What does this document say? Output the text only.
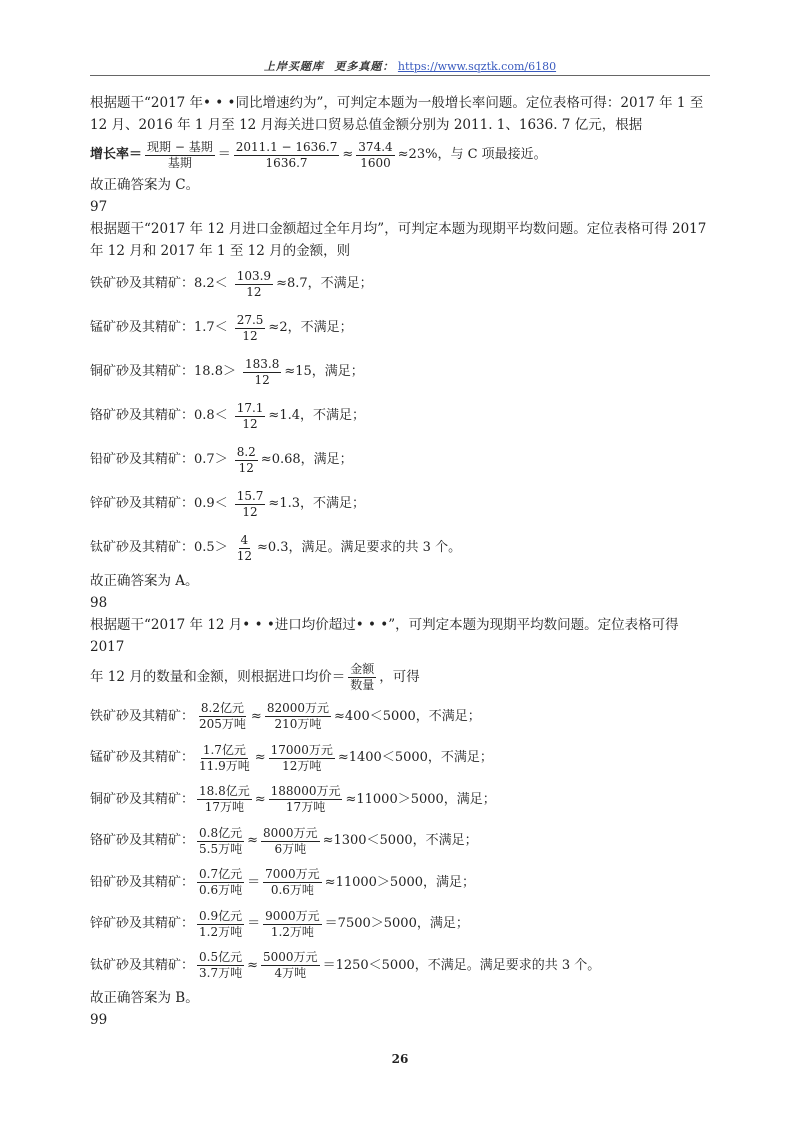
上岸买题库 更多真题： https://www.sqztk.com/6180

根据题干“2017 年• • •同比增速约为”，可判定本题为一般增长率问题。定位表格可得：2017 年 1 至

12 月、2016 年 1 月至 12 月海关进口贸易总值金额分别为 2011. 1、1636. 7 亿元，根据

增长率＝ $\frac{\text{现期 − 基期}}{\text{基期}} = \frac{2011.1 - 1636.7}{1636.7} \approx \frac{374.4}{1600} \approx 23\%$，与 C 项最接近。

故正确答案为 C。

97

根据题干“2017 年 12 月进口金额超过全年月均”，可判定本题为现期平均数问题。定位表格可得 2017

年 12 月和 2017 年 1 至 12 月的金额，则

铁矿砂及其精矿： $8.2< \frac{103.9}{12} \approx 8.7$，不满足；
锰矿砂及其精矿： $1.7< \frac{27.5}{12} \approx 2$，不满足；
铜矿砂及其精矿： $18.8> \frac{183.8}{12} \approx 15$，满足；
铬矿砂及其精矿： $0.8< \frac{17.1}{12} \approx 1.4$，不满足；
铅矿砂及其精矿： $0.7> \frac{8.2}{12} \approx 0.68$，满足；
锌矿砂及其精矿： $0.9< \frac{15.7}{12} \approx 1.3$，不满足；
钛矿砂及其精矿： $0.5> \frac{4}{12} \approx 0.3$，满足。满足要求的共 3 个。

故正确答案为 A。

98

根据题干“2017 年 12 月• • •进口均价超过• • •”，可判定本题为现期平均数问题。定位表格可得 2017

年 12 月的数量和金额，则根据进口均价＝ $\frac{\text{金额}}{\text{数量}}$ ，可得
铁矿砂及其精矿： $\frac{\text{8.2亿元}}{\text{205万吨}} \approx \frac{\text{82000万元}}{\text{210万吨}} \approx 400<5000$，不满足；
锰矿砂及其精矿： $\frac{\text{1.7亿元}}{\text{11.9万吨}} \approx \frac{\text{17000万元}}{\text{12万吨}} \approx 1400<5000$，不满足；
铜矿砂及其精矿： $\frac{\text{18.8亿元}}{\text{17万吨}} \approx \frac{\text{188000万元}}{\text{17万吨}} \approx 11000>5000$，满足；
铬矿砂及其精矿： $\frac{\text{0.8亿元}}{\text{5.5万吨}} \approx \frac{\text{8000万元}}{\text{6万吨}} \approx 1300<5000$，不满足；
铅矿砂及其精矿： $\frac{\text{0.7亿元}}{\text{0.6万吨}} = \frac{\text{7000万元}}{\text{0.6万吨}} \approx 11000>5000$，满足；
锌矿砂及其精矿： $\frac{\text{0.9亿元}}{\text{1.2万吨}} = \frac{\text{9000万元}}{\text{1.2万吨}} =7500>5000$，满足；
钛矿砂及其精矿： $\frac{\text{0.5亿元}}{\text{3.7万吨}} \approx \frac{\text{5000万元}}{\text{4万吨}} =1250<5000$，不满足。满足要求的共 3 个。

故正确答案为 B。

99

26
